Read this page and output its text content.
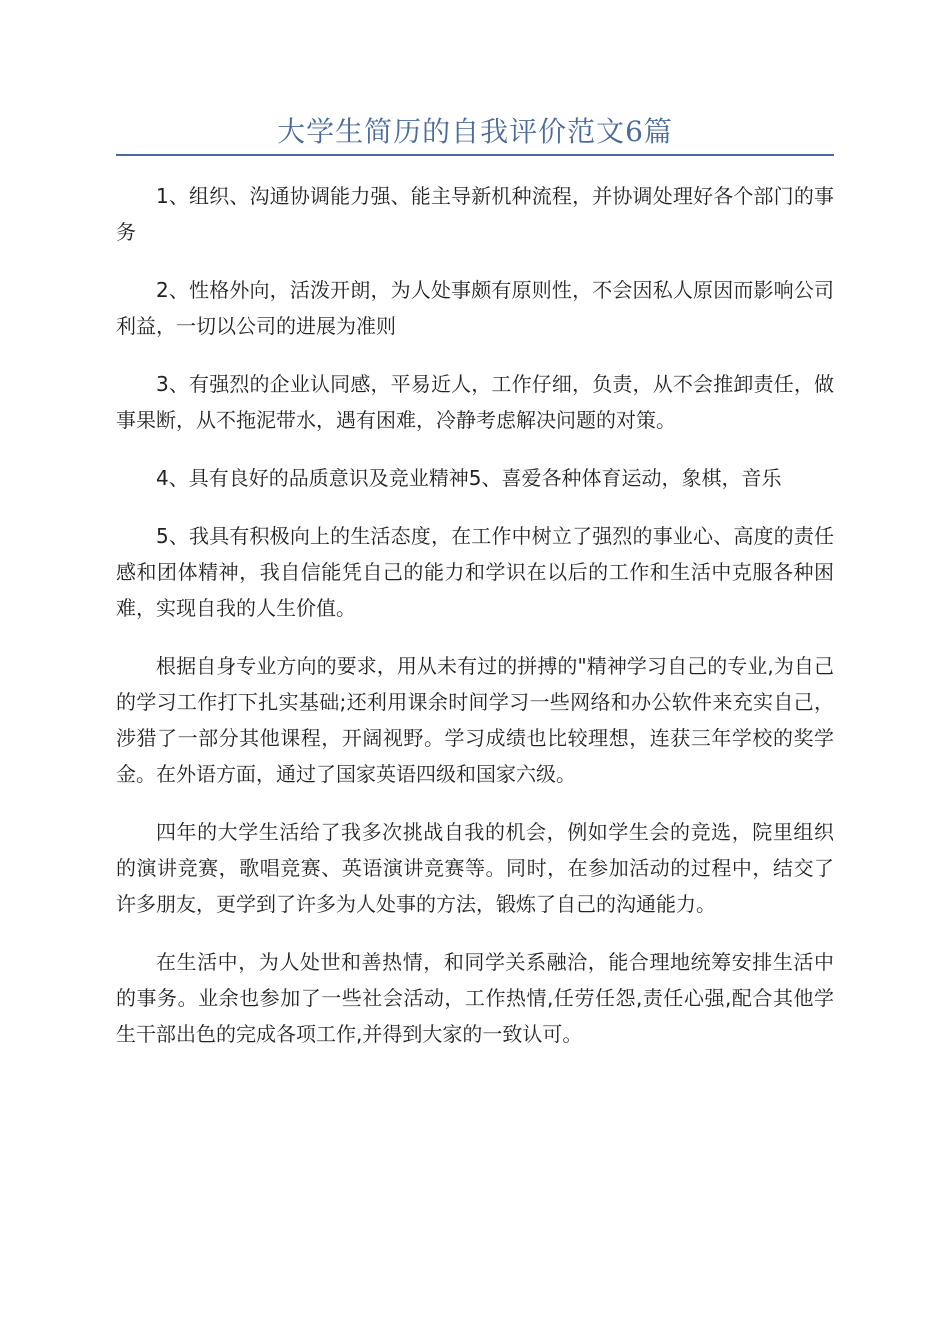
大学生简历的自我评价范文6篇

1、组织、沟通协调能力强、能主导新机种流程，并协调处理好各个部门的事务

2、性格外向，活泼开朗，为人处事颇有原则性，不会因私人原因而影响公司利益，一切以公司的进展为准则

3、有强烈的企业认同感，平易近人，工作仔细，负责，从不会推卸责任，做事果断，从不拖泥带水，遇有困难，冷静考虑解决问题的对策。

4、具有良好的品质意识及竞业精神5、喜爱各种体育运动，象棋，音乐

5、我具有积极向上的生活态度，在工作中树立了强烈的事业心、高度的责任感和团体精神，我自信能凭自己的能力和学识在以后的工作和生活中克服各种困难，实现自我的人生价值。

根据自身专业方向的要求，用从未有过的拼搏的"精神学习自己的专业,为自己的学习工作打下扎实基础;还利用课余时间学习一些网络和办公软件来充实自己，涉猎了一部分其他课程，开阔视野。学习成绩也比较理想，连获三年学校的奖学金。在外语方面，通过了国家英语四级和国家六级。

四年的大学生活给了我多次挑战自我的机会，例如学生会的竞选，院里组织的演讲竞赛，歌唱竞赛、英语演讲竞赛等。同时，在参加活动的过程中，结交了许多朋友，更学到了许多为人处事的方法，锻炼了自己的沟通能力。

在生活中，为人处世和善热情，和同学关系融洽，能合理地统筹安排生活中的事务。业余也参加了一些社会活动，工作热情,任劳任怨,责任心强,配合其他学生干部出色的完成各项工作,并得到大家的一致认可。
